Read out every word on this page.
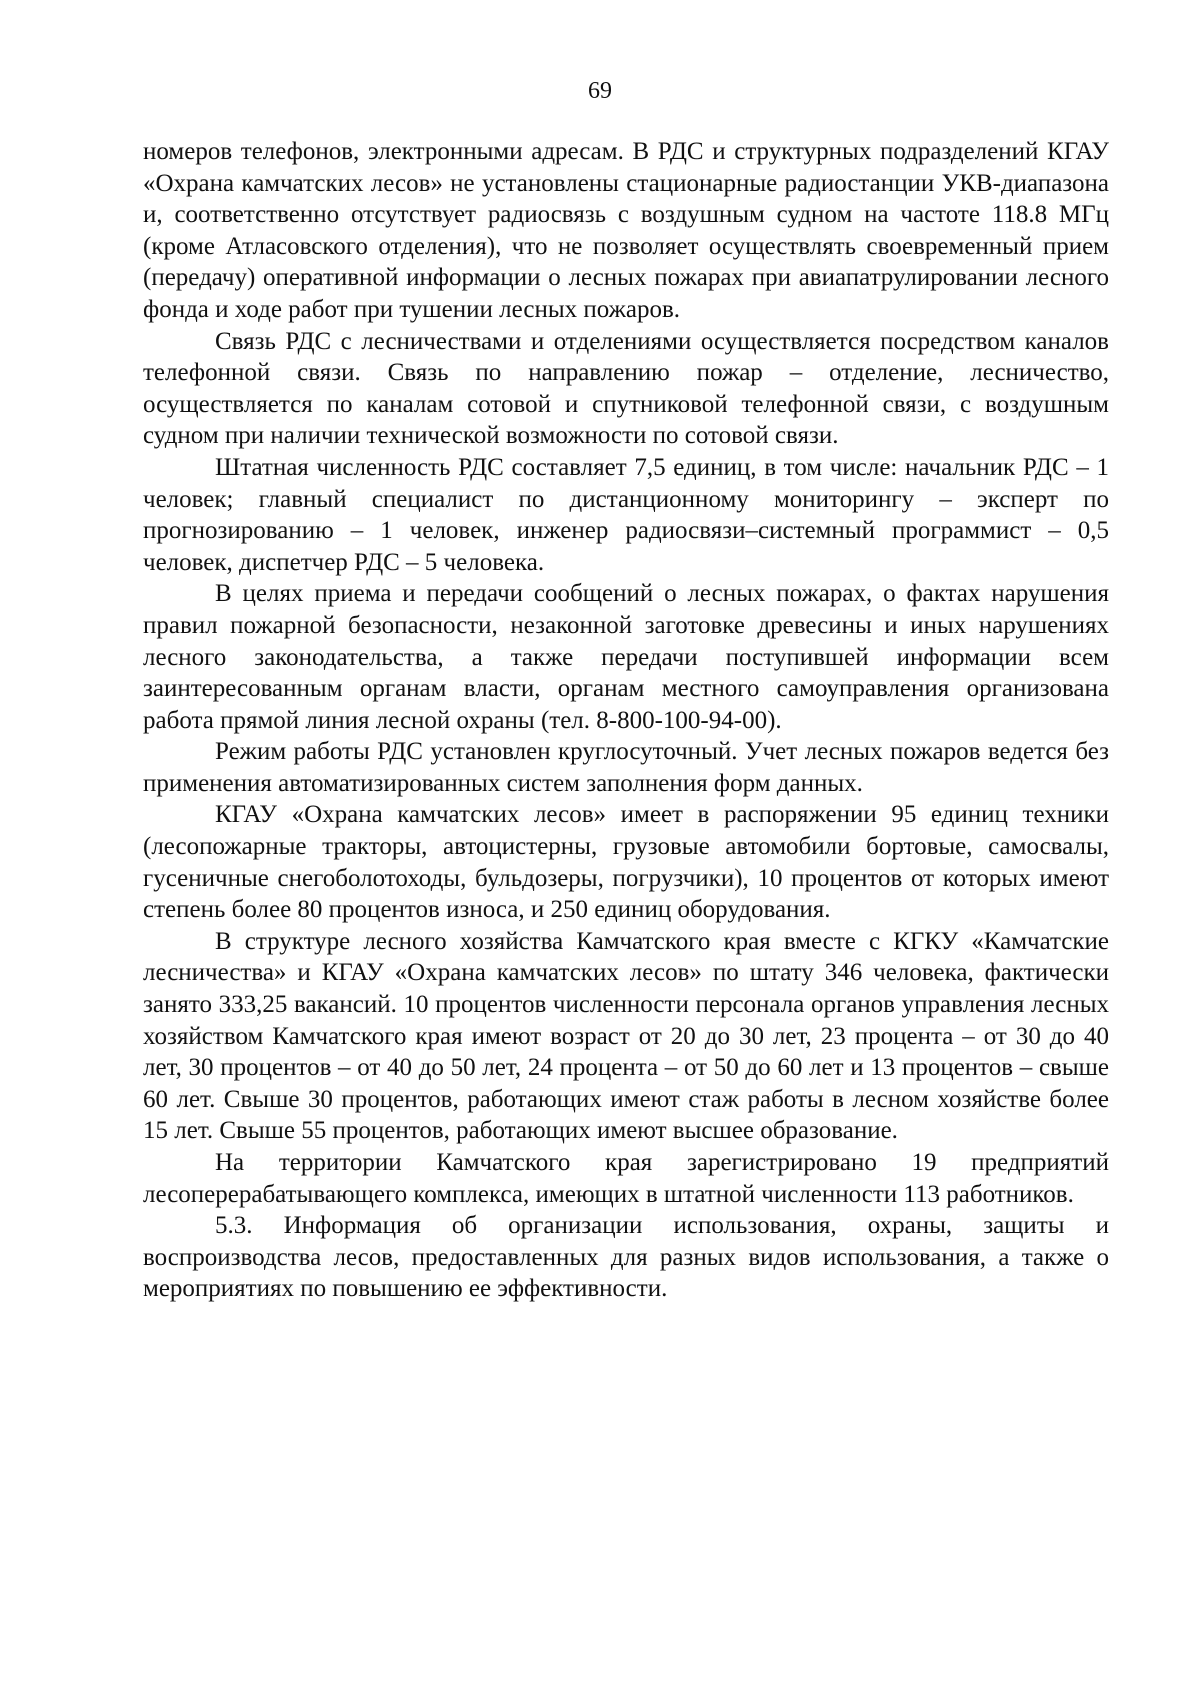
69

номеров телефонов, электронными адресам. В РДС и структурных подразделений КГАУ «Охрана камчатских лесов» не установлены стационарные радиостанции УКВ-диапазона и, соответственно отсутствует радиосвязь с воздушным судном на частоте 118.8 МГц (кроме Атласовского отделения), что не позволяет осуществлять своевременный прием (передачу) оперативной информации о лесных пожарах при авиапатрулировании лесного фонда и ходе работ при тушении лесных пожаров.

Связь РДС с лесничествами и отделениями осуществляется посредством каналов телефонной связи. Связь по направлению пожар – отделение, лесничество, осуществляется по каналам сотовой и спутниковой телефонной связи, с воздушным судном при наличии технической возможности по сотовой связи.

Штатная численность РДС составляет 7,5 единиц, в том числе: начальник РДС – 1 человек; главный специалист по дистанционному мониторингу – эксперт по прогнозированию – 1 человек, инженер радиосвязи–системный программист – 0,5 человек, диспетчер РДС – 5 человека.

В целях приема и передачи сообщений о лесных пожарах, о фактах нарушения правил пожарной безопасности, незаконной заготовке древесины и иных нарушениях лесного законодательства, а также передачи поступившей информации всем заинтересованным органам власти, органам местного самоуправления организована работа прямой линия лесной охраны (тел. 8-800-100-94-00).

Режим работы РДС установлен круглосуточный. Учет лесных пожаров ведется без применения автоматизированных систем заполнения форм данных.

КГАУ «Охрана камчатских лесов» имеет в распоряжении 95 единиц техники (лесопожарные тракторы, автоцистерны, грузовые автомобили бортовые, самосвалы, гусеничные снегоболотоходы, бульдозеры, погрузчики), 10 процентов от которых имеют степень более 80 процентов износа, и 250 единиц оборудования.

В структуре лесного хозяйства Камчатского края вместе с КГКУ «Камчатские лесничества» и КГАУ «Охрана камчатских лесов» по штату 346 человека, фактически занято 333,25 вакансий. 10 процентов численности персонала органов управления лесных хозяйством Камчатского края имеют возраст от 20 до 30 лет, 23 процента – от 30 до 40 лет, 30 процентов – от 40 до 50 лет, 24 процента – от 50 до 60 лет и 13 процентов – свыше 60 лет. Свыше 30 процентов, работающих имеют стаж работы в лесном хозяйстве более 15 лет. Свыше 55 процентов, работающих имеют высшее образование.

На территории Камчатского края зарегистрировано 19 предприятий лесоперерабатывающего комплекса, имеющих в штатной численности 113 работников.

5.3. Информация об организации использования, охраны, защиты и воспроизводства лесов, предоставленных для разных видов использования, а также о мероприятиях по повышению ее эффективности.
